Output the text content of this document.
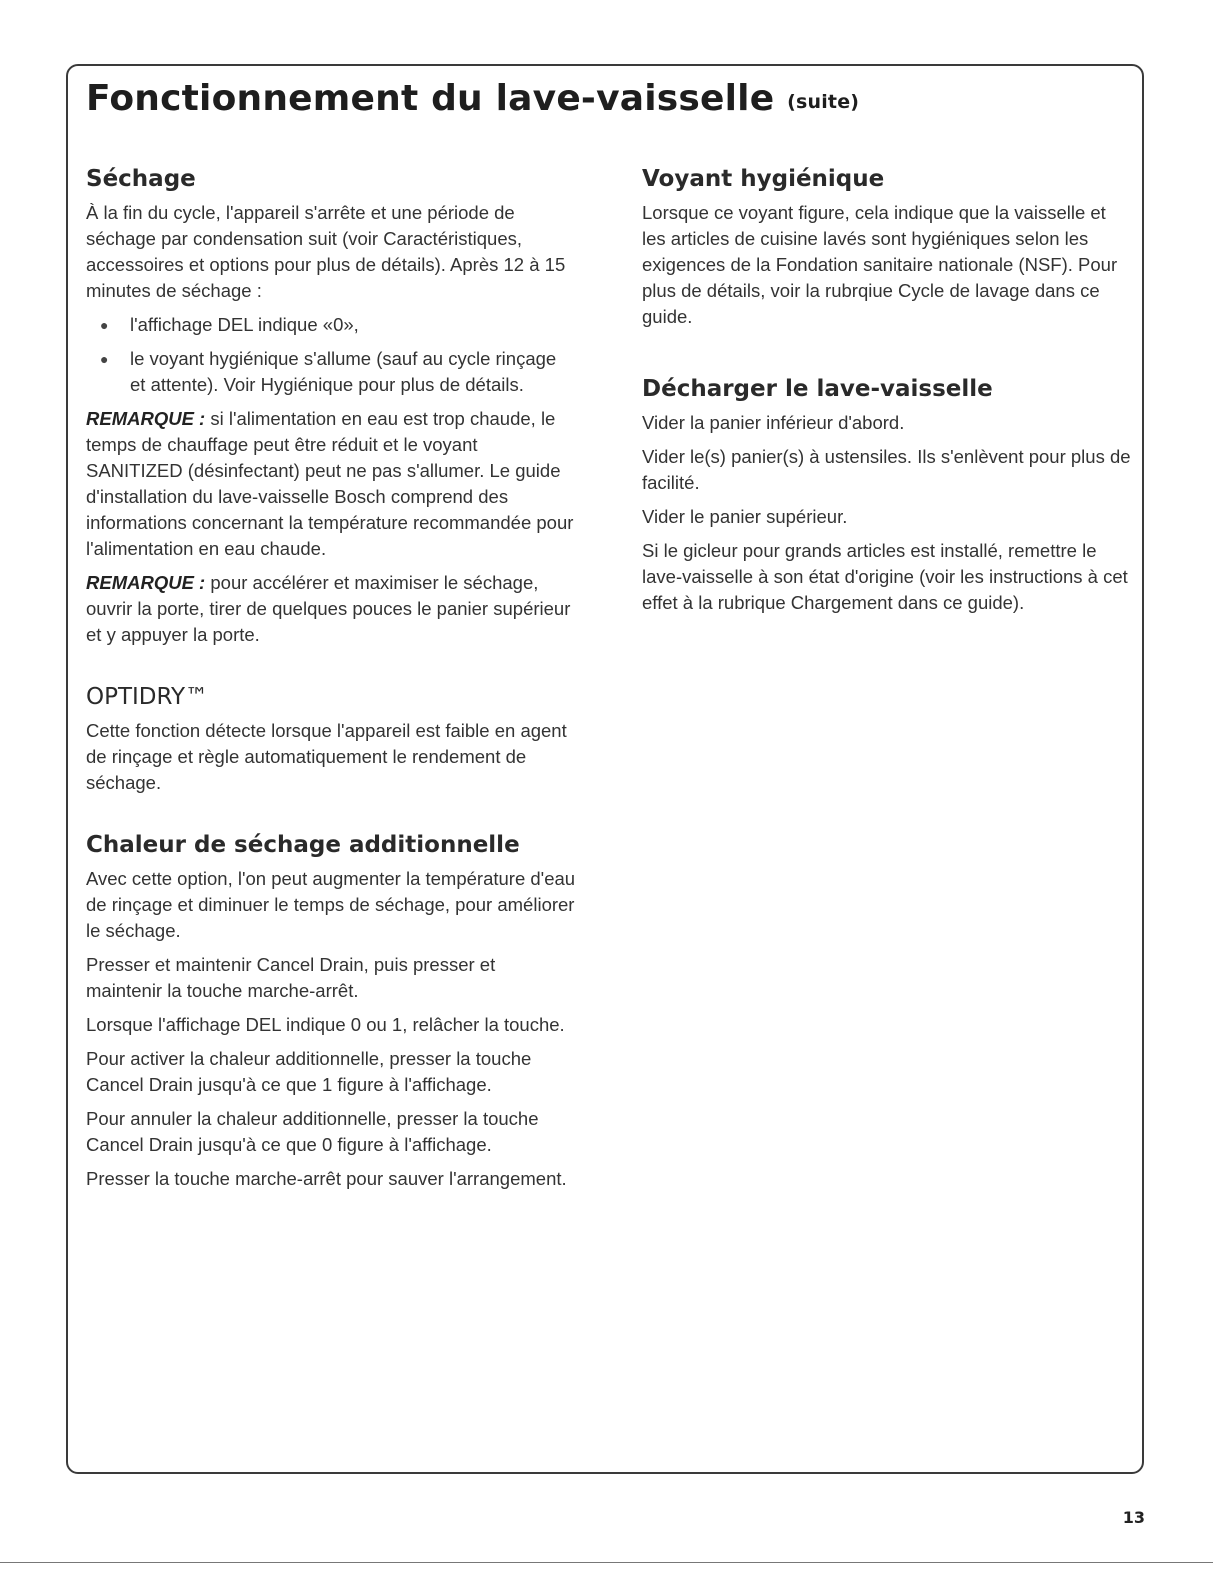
Fonctionnement du lave-vaisselle (suite)
Séchage

À la fin du cycle, l'appareil s'arrête et une période de séchage par condensation suit (voir Caractéristiques, accessoires et options pour plus de détails). Après 12 à 15 minutes de séchage :

● l'affichage DEL indique «0»,
● le voyant hygiénique s'allume (sauf au cycle rinçage et attente). Voir Hygiénique pour plus de détails.

REMARQUE : si l'alimentation en eau est trop chaude, le temps de chauffage peut être réduit et le voyant SANITIZED (désinfectant) peut ne pas s'allumer. Le guide d'installation du lave-vaisselle Bosch comprend des informations concernant la température recommandée pour l'alimentation en eau chaude.

REMARQUE : pour accélérer et maximiser le séchage, ouvrir la porte, tirer de quelques pouces le panier supérieur et y appuyer la porte.

OPTIDRY™

Cette fonction détecte lorsque l'appareil est faible en agent de rinçage et règle automatiquement le rendement de séchage.

Chaleur de séchage additionnelle

Avec cette option, l'on peut augmenter la température d'eau de rinçage et diminuer le temps de séchage, pour améliorer le séchage.

Presser et maintenir Cancel Drain, puis presser et maintenir la touche marche-arrêt.

Lorsque l'affichage DEL indique 0 ou 1, relâcher la touche.

Pour activer la chaleur additionnelle, presser la touche Cancel Drain jusqu'à ce que 1 figure à l'affichage.

Pour annuler la chaleur additionnelle, presser la touche Cancel Drain jusqu'à ce que 0 figure à l'affichage.

Presser la touche marche-arrêt pour sauver l'arrangement.

Voyant hygiénique

Lorsque ce voyant figure, cela indique que la vaisselle et les articles de cuisine lavés sont hygiéniques selon les exigences de la Fondation sanitaire nationale (NSF). Pour plus de détails, voir la rubrqiue Cycle de lavage dans ce guide.

Décharger le lave-vaisselle

Vider la panier inférieur d'abord.

Vider le(s) panier(s) à ustensiles. Ils s'enlèvent pour plus de facilité.

Vider le panier supérieur.

Si le gicleur pour grands articles est installé, remettre le lave-vaisselle à son état d'origine (voir les instructions à cet effet à la rubrique Chargement dans ce guide).

13
